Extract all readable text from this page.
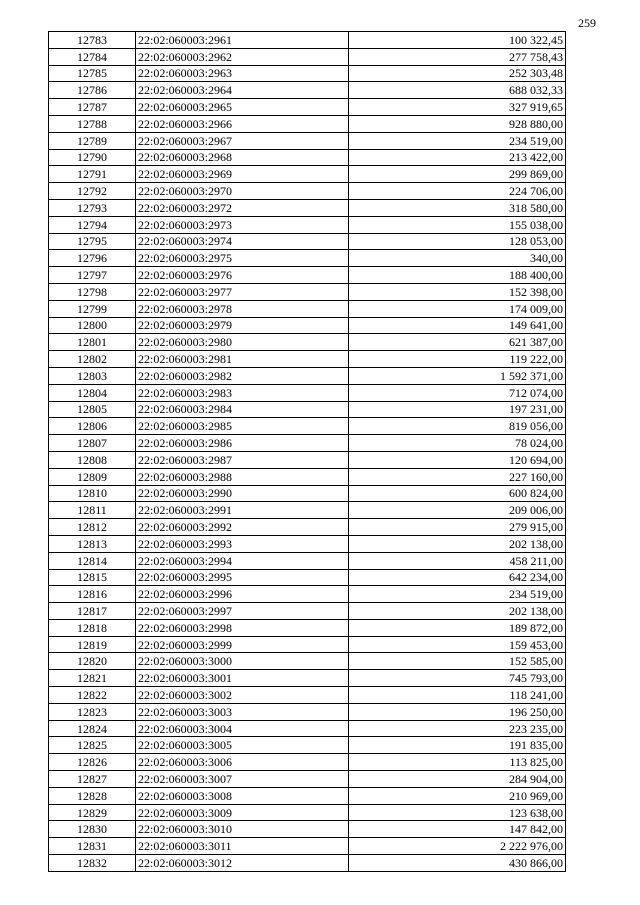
259
12783	22:02:060003:2961	100 322,45
12784	22:02:060003:2962	277 758,43
12785	22:02:060003:2963	252 303,48
12786	22:02:060003:2964	688 032,33
12787	22:02:060003:2965	327 919,65
12788	22:02:060003:2966	928 880,00
12789	22:02:060003:2967	234 519,00
12790	22:02:060003:2968	213 422,00
12791	22:02:060003:2969	299 869,00
12792	22:02:060003:2970	224 706,00
12793	22:02:060003:2972	318 580,00
12794	22:02:060003:2973	155 038,00
12795	22:02:060003:2974	128 053,00
12796	22:02:060003:2975	340,00
12797	22:02:060003:2976	188 400,00
12798	22:02:060003:2977	152 398,00
12799	22:02:060003:2978	174 009,00
12800	22:02:060003:2979	149 641,00
12801	22:02:060003:2980	621 387,00
12802	22:02:060003:2981	119 222,00
12803	22:02:060003:2982	1 592 371,00
12804	22:02:060003:2983	712 074,00
12805	22:02:060003:2984	197 231,00
12806	22:02:060003:2985	819 056,00
12807	22:02:060003:2986	78 024,00
12808	22:02:060003:2987	120 694,00
12809	22:02:060003:2988	227 160,00
12810	22:02:060003:2990	600 824,00
12811	22:02:060003:2991	209 006,00
12812	22:02:060003:2992	279 915,00
12813	22:02:060003:2993	202 138,00
12814	22:02:060003:2994	458 211,00
12815	22:02:060003:2995	642 234,00
12816	22:02:060003:2996	234 519,00
12817	22:02:060003:2997	202 138,00
12818	22:02:060003:2998	189 872,00
12819	22:02:060003:2999	159 453,00
12820	22:02:060003:3000	152 585,00
12821	22:02:060003:3001	745 793,00
12822	22:02:060003:3002	118 241,00
12823	22:02:060003:3003	196 250,00
12824	22:02:060003:3004	223 235,00
12825	22:02:060003:3005	191 835,00
12826	22:02:060003:3006	113 825,00
12827	22:02:060003:3007	284 904,00
12828	22:02:060003:3008	210 969,00
12829	22:02:060003:3009	123 638,00
12830	22:02:060003:3010	147 842,00
12831	22:02:060003:3011	2 222 976,00
12832	22:02:060003:3012	430 866,00
